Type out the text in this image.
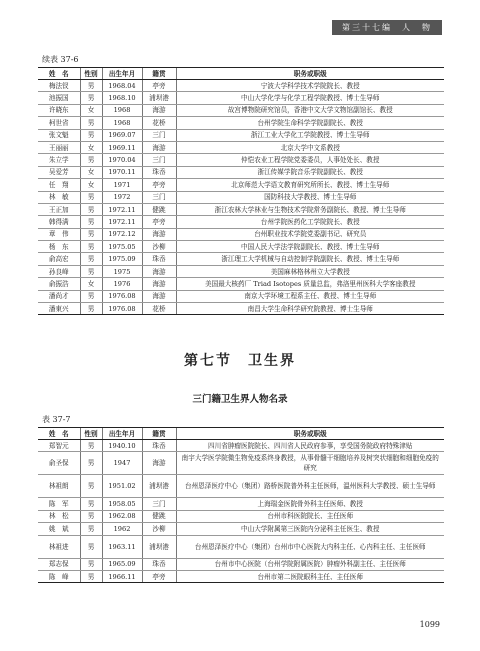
第三十七编　人　物
续表 37-6
姓　名	性别	出生年月	籍贯	职务或职级
梅法钗	男	1968.04	亭旁	宁波大学科学技术学院院长、教授
池振国	男	1968.10	浦坝港	中山大学化学与化学工程学院教授、博士生导师
许晓东	女	1968	海游	故宫博物院研究馆员，香港中文大学文物馆副馆长、教授
柯世省	男	1968	花桥	台州学院生命科学学院副院长、教授
张文魁	男	1969.07	三门	浙江工业大学化工学院教授、博士生导师
王丽丽	女	1969.11	海游	北京大学中文系教授
朱立学	男	1970.04	三门	仲恺农业工程学院党委委员，人事处处长、教授
吴爱芳	女	1970.11	珠岙	浙江传媒学院音乐学院副院长、教授
任　翔	女	1971	亭旁	北京师范大学语文教育研究所所长、教授、博士生导师
林　敏	男	1972	三门	国防科技大学教授、博士生导师
王正加	男	1972.11	健跳	浙江农林大学林业与生物技术学院常务副院长、教授、博士生导师
韩得满	男	1972.11	亭旁	台州学院医药化工学院院长、教授
章　伟	男	1972.12	海游	台州职业技术学院党委副书记、研究员
杨　东	男	1975.05	沙柳	中国人民大学法学院副院长、教授、博士生导师
俞高宏	男	1975.09	珠岙	浙江理工大学机械与自动控制学院副院长、教授、博士生导师
孙良峰	男	1975	海游	美国麻林格林州立大学教授
俞振浩	女	1976	海游	美国最大核药厂 Triad Isotopes 质量总监，弗洛里州医科大学客座教授
潘尚才	男	1976.08	海游	南京大学环境工程系主任、教授、博士生导师
潘東兴	男	1976.08	花桥	南昌大学生命科学研究院教授、博士生导师
第七节　卫生界
三门籍卫生界人物名录
表 37-7
姓　名	性别	出生年月	籍贯	职务或职级
郑智元	男	1940.10	珠岙	四川省肿瘤医院院长、四川省人民政府参事，享受国务院政府特殊津贴
俞圣保	男	1947	海游	南宇大学医学院微生物免疫系终身教授，从事骨髓干细胞培养及树突状细胞和细胞免疫的研究
林祖朗	男	1951.02	浦坝港	台州恩泽医疗中心（集团）路桥医院普外科主任医师，温州医科大学教授、硕士生导师
陈　军	男	1958.05	三门	上海瑞金医院骨外科主任医师、教授
林　松	男	1962.08	健跳	台州市科医院院长、主任医师
姚　斌	男	1962	沙柳	中山大学附属第三医院内分泌科主任医生、教授
林祖进	男	1963.11	浦坝港	台州恩泽医疗中心（集团）台州市中心医院大内科主任、心内科主任、主任医师
郑志保	男	1965.09	珠岙	台州市中心医院（台州学院附属医院）肿瘤外科副主任、主任医师
陈　峰	男	1966.11	亭旁	台州市第二医院眼科主任、主任医师
1099
